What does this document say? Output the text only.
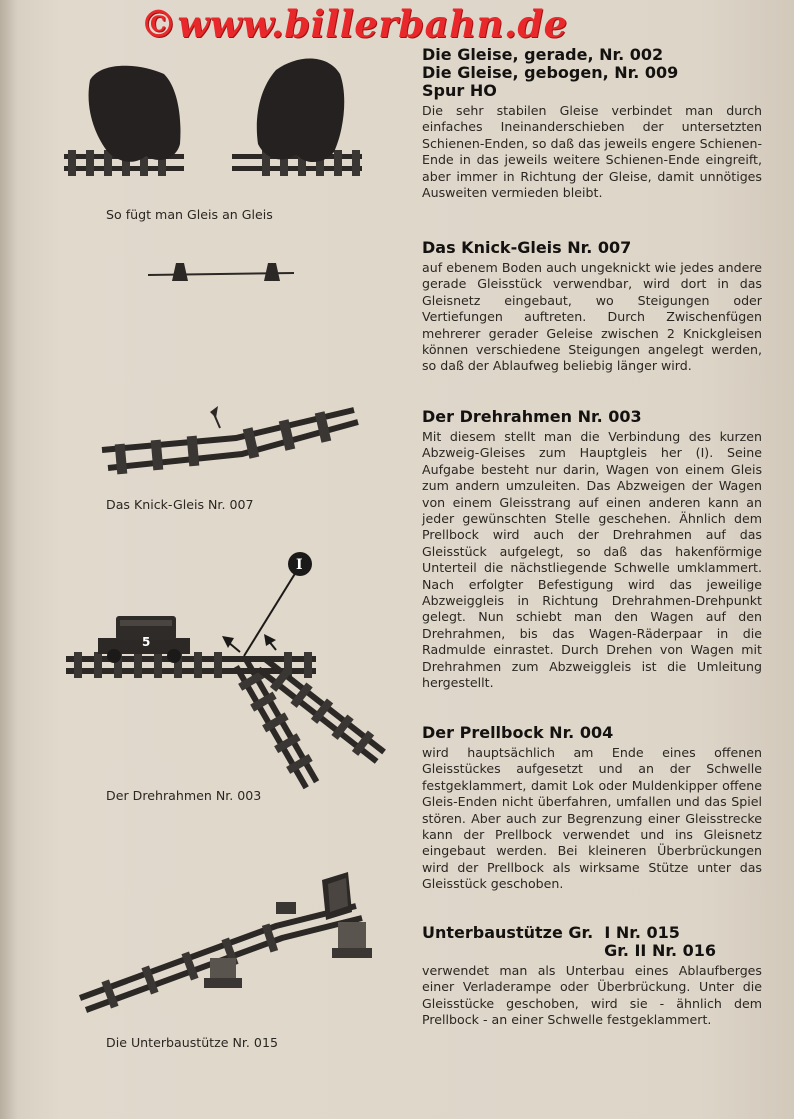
©www.billerbahn.de
So fügt man Gleis an Gleis
Das Knick-Gleis Nr. 007
5
I
Der Drehrahmen Nr. 003
Die Unterbaustütze Nr. 015
Die Gleise, gerade, Nr. 002
Die Gleise, gebogen, Nr. 009
Spur HO

Die sehr stabilen Gleise verbindet man durch einfaches Ineinanderschieben der untersetzten Schienen-Enden, so daß das jeweils engere Schienen-Ende in das jeweils weitere Schienen-Ende eingreift, aber immer in Richtung der Gleise, damit unnötiges Ausweiten vermieden bleibt.

Das Knick-Gleis Nr. 007

auf ebenem Boden auch ungeknickt wie jedes andere gerade Gleisstück verwendbar, wird dort in das Gleisnetz eingebaut, wo Steigungen oder Vertiefungen auftreten. Durch Zwischenfügen mehrerer gerader Geleise zwischen 2 Knickgleisen können verschiedene Steigungen angelegt werden, so daß der Ablaufweg beliebig länger wird.

Der Drehrahmen Nr. 003

Mit diesem stellt man die Verbindung des kurzen Abzweig-Gleises zum Hauptgleis her (I). Seine Aufgabe besteht nur darin, Wagen von einem Gleis zum andern umzuleiten. Das Abzweigen der Wagen von einem Gleisstrang auf einen anderen kann an jeder gewünschten Stelle geschehen. Ähnlich dem Prellbock wird auch der Drehrahmen auf das Gleisstück aufgelegt, so daß das hakenförmige Unterteil die nächstliegende Schwelle umklammert. Nach erfolgter Befestigung wird das jeweilige Abzweiggleis in Richtung Drehrahmen-Drehpunkt gelegt. Nun schiebt man den Wagen auf den Drehrahmen, bis das Wagen-Räderpaar in die Radmulde einrastet. Durch Drehen von Wagen mit Drehrahmen zum Abzweiggleis ist die Umleitung hergestellt.

Der Prellbock Nr. 004

wird hauptsächlich am Ende eines offenen Gleisstückes aufgesetzt und an der Schwelle festgeklammert, damit Lok oder Muldenkipper offene Gleis-Enden nicht überfahren, umfallen und das Spiel stören. Aber auch zur Begrenzung einer Gleisstrecke kann der Prellbock verwendet und ins Gleisnetz eingebaut werden. Bei kleineren Überbrückungen wird der Prellbock als wirksame Stütze unter das Gleisstück geschoben.

Unterbaustütze Gr.  I Nr. 015
Gr. II Nr. 016

verwendet man als Unterbau eines Ablaufberges einer Verladerampe oder Überbrückung. Unter die Gleisstücke geschoben, wird sie - ähnlich dem Prellbock - an einer Schwelle festgeklammert.
